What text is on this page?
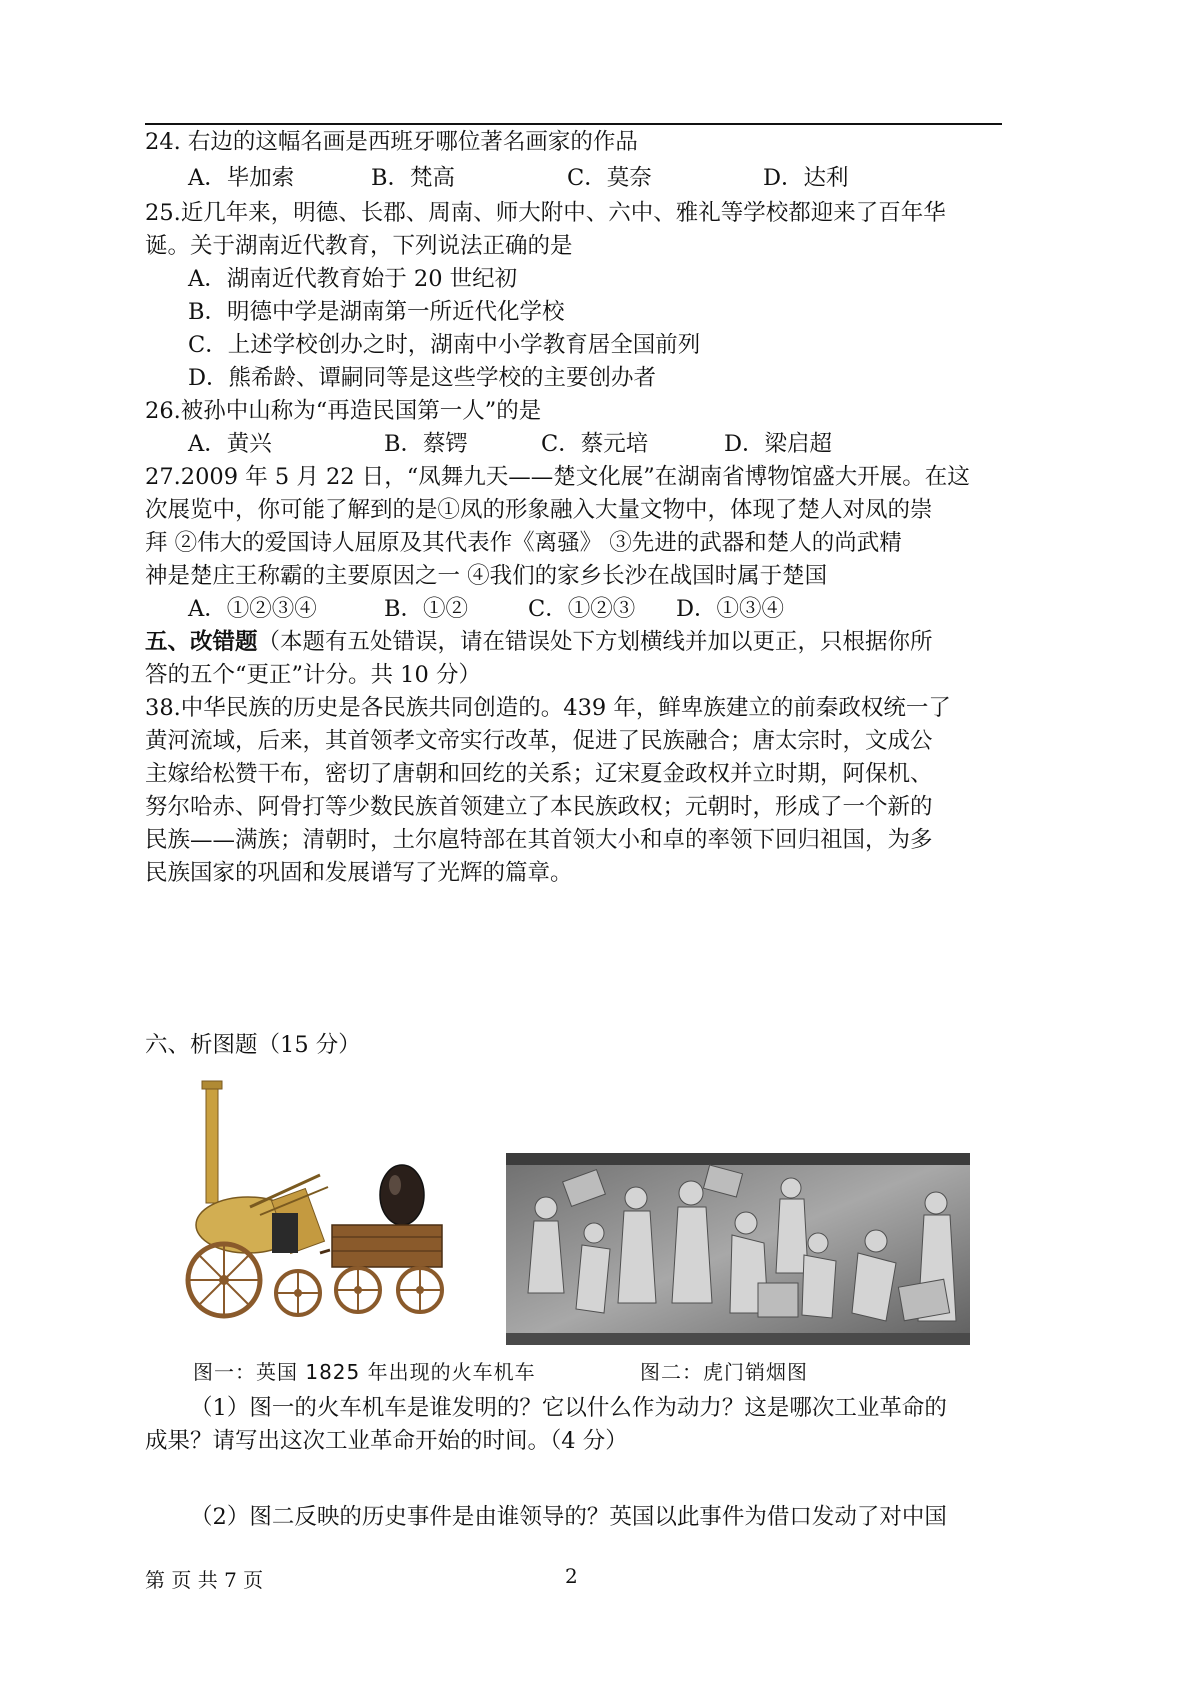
24. 右边的这幅名画是西班牙哪位著名画家的作品
A．毕加索	B．梵高	C．莫奈	D．达利
25.近几年来，明德、长郡、周南、师大附中、六中、雅礼等学校都迎来了百年华
诞。关于湖南近代教育，下列说法正确的是
A．湖南近代教育始于 20 世纪初
B．明德中学是湖南第一所近代化学校
C．上述学校创办之时，湖南中小学教育居全国前列
D．熊希龄、谭嗣同等是这些学校的主要创办者
26.被孙中山称为“再造民国第一人”的是
A．黄兴	B．蔡锷	C．蔡元培	D．梁启超
27.2009 年 5 月 22 日，“凤舞九天——楚文化展”在湖南省博物馆盛大开展。在这
次展览中，你可能了解到的是①凤的形象融入大量文物中，体现了楚人对凤的崇
拜 ②伟大的爱国诗人屈原及其代表作《离骚》 ③先进的武器和楚人的尚武精
神是楚庄王称霸的主要原因之一 ④我们的家乡长沙在战国时属于楚国
A．①②③④	B．①②	C．①②③ D．①③④
五、改错题（本题有五处错误，请在错误处下方划横线并加以更正，只根据你所
答的五个“更正”计分。共 10 分）
38.中华民族的历史是各民族共同创造的。439 年，鲜卑族建立的前秦政权统一了
黄河流域，后来，其首领孝文帝实行改革，促进了民族融合；唐太宗时，文成公
主嫁给松赞干布，密切了唐朝和回纥的关系；辽宋夏金政权并立时期，阿保机、
努尔哈赤、阿骨打等少数民族首领建立了本民族政权；元朝时，形成了一个新的
民族——满族；清朝时，土尔扈特部在其首领大小和卓的率领下回归祖国，为多
民族国家的巩固和发展谱写了光辉的篇章。
六、析图题（15 分）
图一：英国 1825 年出现的火车机车	图二：虎门销烟图
（1）图一的火车机车是谁发明的？它以什么作为动力？这是哪次工业革命的
成果？请写出这次工业革命开始的时间。（4 分）
（2）图二反映的历史事件是由谁领导的？英国以此事件为借口发动了对中国
第 页 共 7 页	2
